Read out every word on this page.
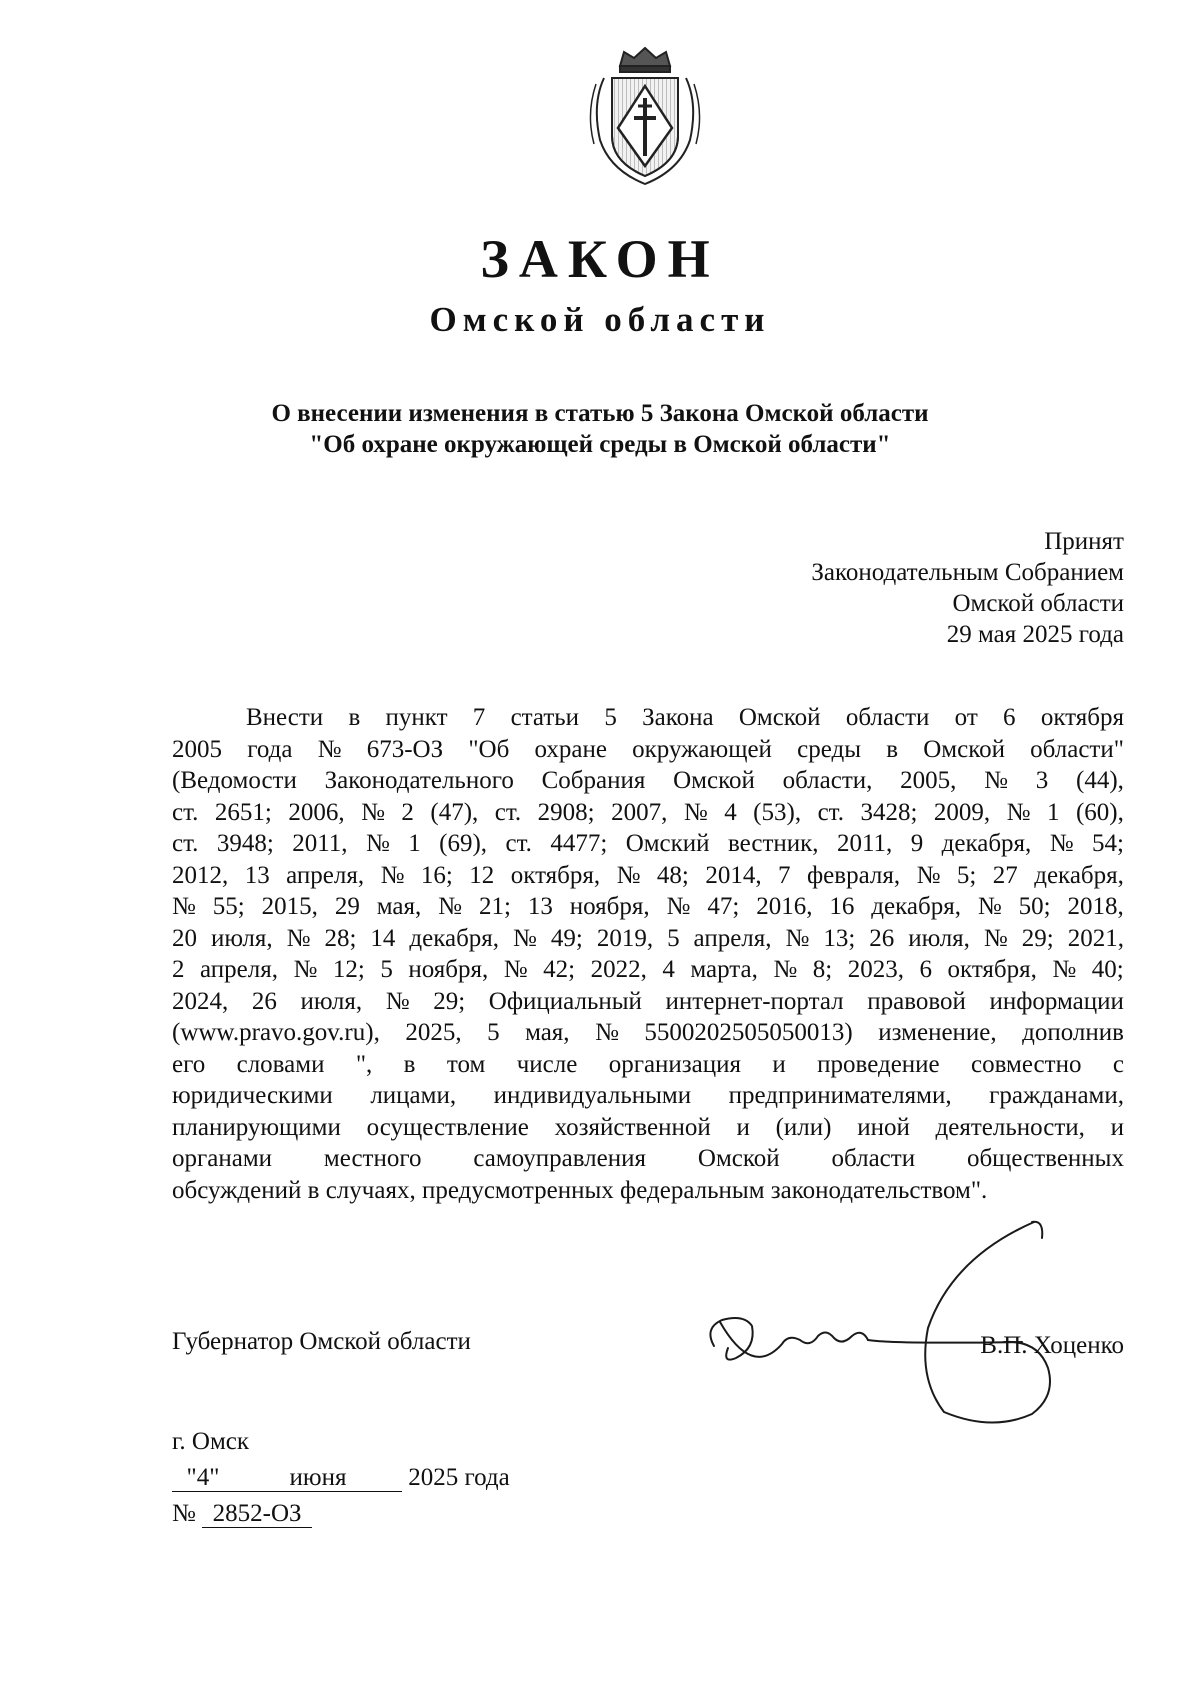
ЗАКОН
Омской области
О внесении изменения в статью 5 Закона Омской области
"Об охране окружающей среды в Омской области"
Принят
Законодательным Собранием
Омской области
29 мая 2025 года
Внести в пункт 7 статьи 5 Закона Омской области от 6 октября
2005 года № 673-ОЗ "Об охране окружающей среды в Омской области"
(Ведомости Законодательного Собрания Омской области, 2005, № 3 (44),
ст. 2651; 2006, № 2 (47), ст. 2908; 2007, № 4 (53), ст. 3428; 2009, № 1 (60),
ст. 3948; 2011, № 1 (69), ст. 4477; Омский вестник, 2011, 9 декабря, № 54;
2012, 13 апреля, № 16; 12 октября, № 48; 2014, 7 февраля, № 5; 27 декабря,
№ 55; 2015, 29 мая, № 21; 13 ноября, № 47; 2016, 16 декабря, № 50; 2018,
20 июля, № 28; 14 декабря, № 49; 2019, 5 апреля, № 13; 26 июля, № 29; 2021,
2 апреля, № 12; 5 ноября, № 42; 2022, 4 марта, № 8; 2023, 6 октября, № 40;
2024, 26 июля, № 29; Официальный интернет-портал правовой информации
(www.pravo.gov.ru), 2025, 5 мая, № 5500202505050013) изменение, дополнив
его словами ", в том числе организация и проведение совместно с
юридическими лицами, индивидуальными предпринимателями, гражданами,
планирующими осуществление хозяйственной и (или) иной деятельности, и
органами местного самоуправления Омской области общественных
обсуждений в случаях, предусмотренных федеральным законодательством".
Губернатор Омской области	В.П. Хоценко
г. Омск
"4"	июня 2025 года
№ 2852-ОЗ
